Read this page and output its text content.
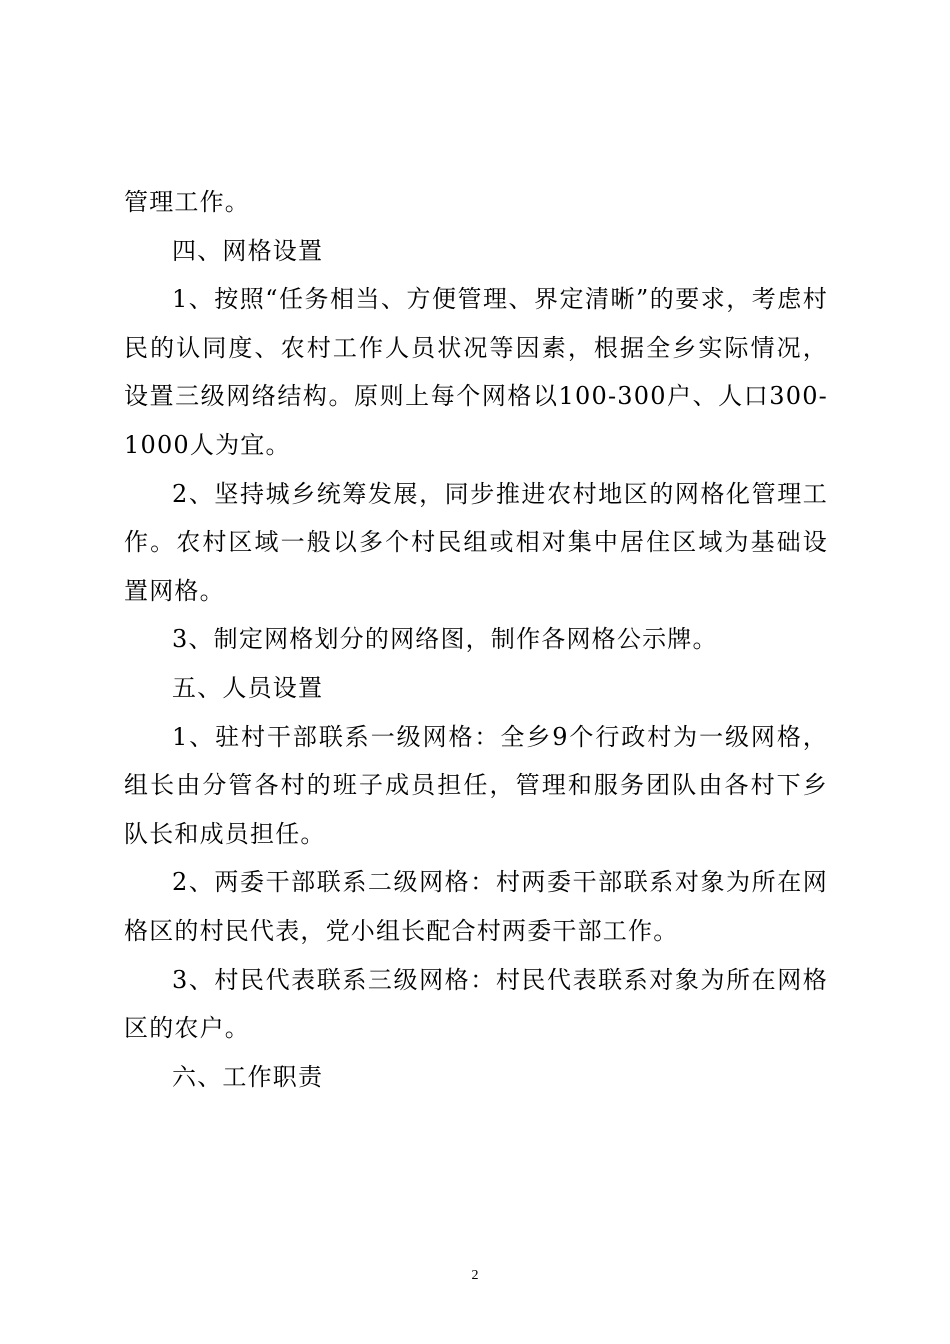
管理工作。

四、网格设置

1、按照“任务相当、方便管理、界定清晰”的要求，考虑村民的认同度、农村工作人员状况等因素，根据全乡实际情况，设置三级网络结构。原则上每个网格以100-300户、人口300-1000人为宜。

2、坚持城乡统筹发展，同步推进农村地区的网格化管理工作。农村区域一般以多个村民组或相对集中居住区域为基础设置网格。

3、制定网格划分的网络图，制作各网格公示牌。

五、人员设置

1、驻村干部联系一级网格：全乡9个行政村为一级网格，组长由分管各村的班子成员担任，管理和服务团队由各村下乡队长和成员担任。

2、两委干部联系二级网格：村两委干部联系对象为所在网格区的村民代表，党小组长配合村两委干部工作。

3、村民代表联系三级网格：村民代表联系对象为所在网格区的农户。

六、工作职责

2
